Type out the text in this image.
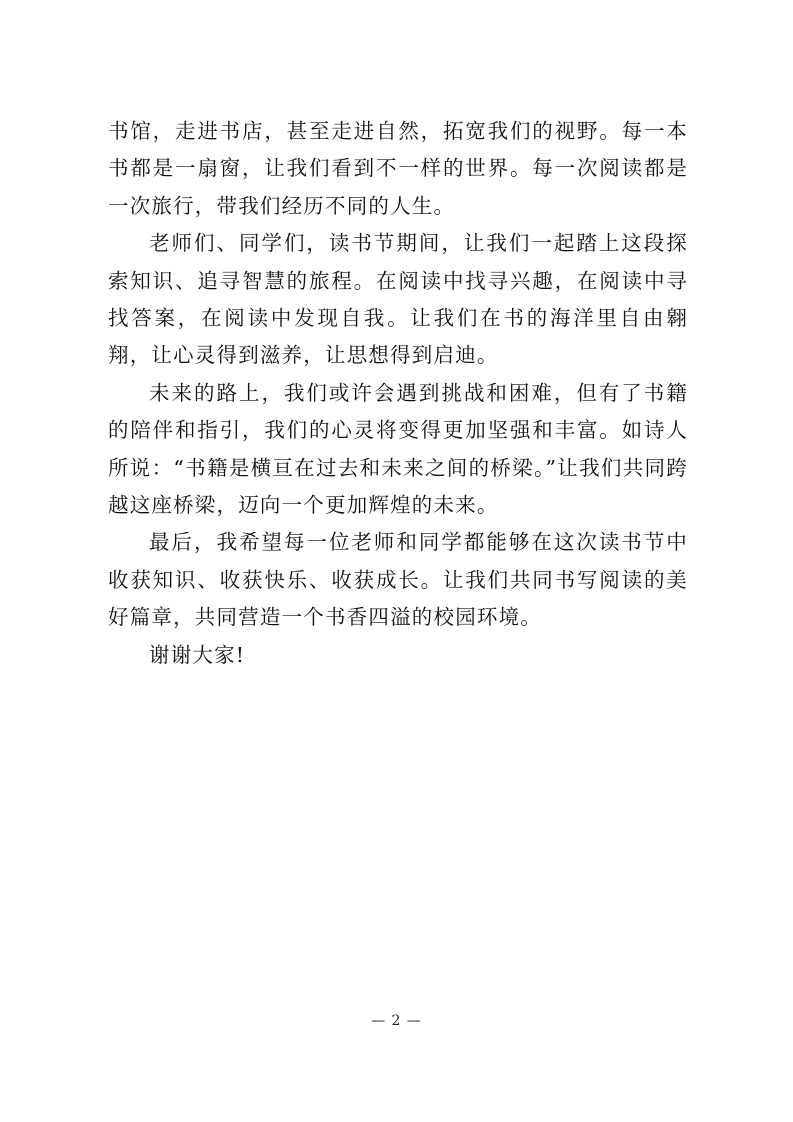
书馆，走进书店，甚至走进自然，拓宽我们的视野。每一本书都是一扇窗，让我们看到不一样的世界。每一次阅读都是一次旅行，带我们经历不同的人生。

老师们、同学们，读书节期间，让我们一起踏上这段探索知识、追寻智慧的旅程。在阅读中找寻兴趣，在阅读中寻找答案，在阅读中发现自我。让我们在书的海洋里自由翱翔，让心灵得到滋养，让思想得到启迪。

未来的路上，我们或许会遇到挑战和困难，但有了书籍的陪伴和指引，我们的心灵将变得更加坚强和丰富。如诗人所说：“书籍是横亘在过去和未来之间的桥梁。”让我们共同跨越这座桥梁，迈向一个更加辉煌的未来。

最后，我希望每一位老师和同学都能够在这次读书节中收获知识、收获快乐、收获成长。让我们共同书写阅读的美好篇章，共同营造一个书香四溢的校园环境。

谢谢大家!

— 2 —
